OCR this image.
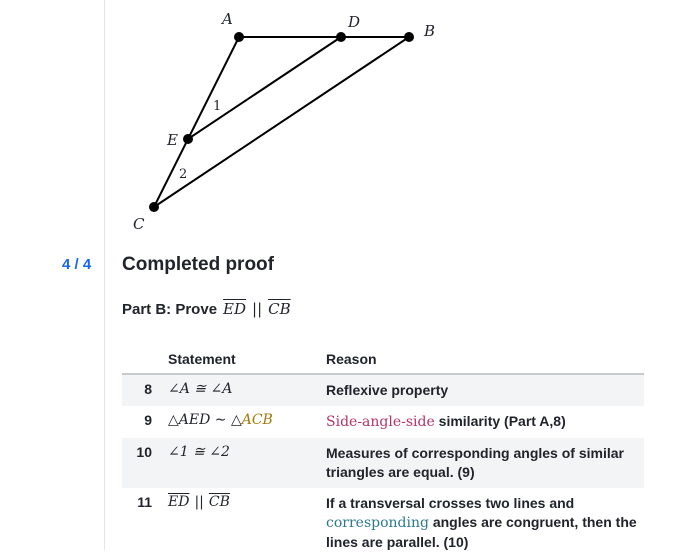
A	D	B
E
C
1
2
4 / 4 Completed proof
Part B: Prove $\overline{ED}$ || $\overline{CB}$
	Statement	Reason
8	∠A ≅ ∠A	Reflexive property
9	△AED ∼ △ACB	Side-angle-side similarity (Part A,8)
10	∠1 ≅ ∠2	Measures of corresponding angles of similar triangles are equal. (9)
11	$\overline{ED}$ || $\overline{CB}$	If a transversal crosses two lines and
corresponding angles are congruent, then the lines are parallel. (10)
